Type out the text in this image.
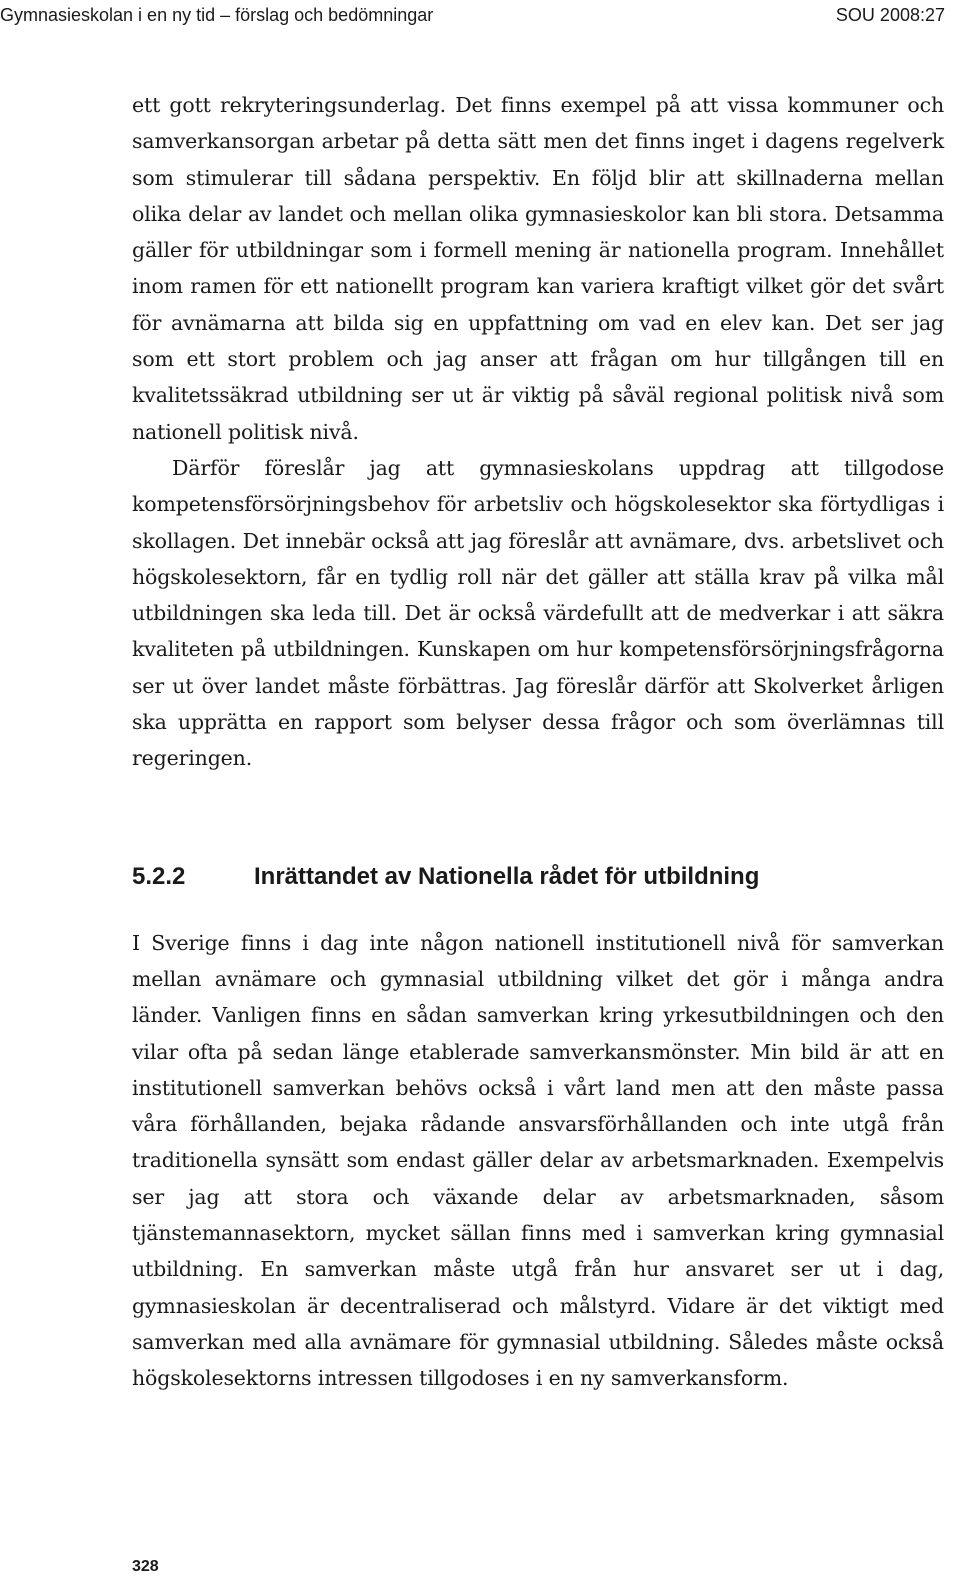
Gymnasieskolan i en ny tid – förslag och bedömningar	SOU 2008:27

ett gott rekryteringsunderlag. Det finns exempel på att vissa kommuner och samverkansorgan arbetar på detta sätt men det finns inget i dagens regelverk som stimulerar till sådana perspektiv. En följd blir att skillnaderna mellan olika delar av landet och mellan olika gymnasieskolor kan bli stora. Detsamma gäller för utbildningar som i formell mening är nationella program. Innehållet inom ramen för ett nationellt program kan variera kraftigt vilket gör det svårt för avnämarna att bilda sig en uppfattning om vad en elev kan. Det ser jag som ett stort problem och jag anser att frågan om hur tillgången till en kvalitetssäkrad utbildning ser ut är viktig på såväl regional politisk nivå som nationell politisk nivå.

Därför föreslår jag att gymnasieskolans uppdrag att tillgodose kompetensförsörjningsbehov för arbetsliv och högskolesektor ska förtydligas i skollagen. Det innebär också att jag föreslår att avnämare, dvs. arbetslivet och högskolesektorn, får en tydlig roll när det gäller att ställa krav på vilka mål utbildningen ska leda till. Det är också värdefullt att de medverkar i att säkra kvaliteten på utbildningen. Kunskapen om hur kompetensförsörjningsfrågorna ser ut över landet måste förbättras. Jag föreslår därför att Skolverket årligen ska upprätta en rapport som belyser dessa frågor och som överlämnas till regeringen.

5.2.2	Inrättandet av Nationella rådet för utbildning

I Sverige finns i dag inte någon nationell institutionell nivå för samverkan mellan avnämare och gymnasial utbildning vilket det gör i många andra länder. Vanligen finns en sådan samverkan kring yrkesutbildningen och den vilar ofta på sedan länge etablerade samverkansmönster. Min bild är att en institutionell samverkan behövs också i vårt land men att den måste passa våra förhållanden, bejaka rådande ansvarsförhållanden och inte utgå från traditionella synsätt som endast gäller delar av arbetsmarknaden. Exempelvis ser jag att stora och växande delar av arbetsmarknaden, såsom tjänstemannasektorn, mycket sällan finns med i samverkan kring gymnasial utbildning. En samverkan måste utgå från hur ansvaret ser ut i dag, gymnasieskolan är decentraliserad och målstyrd. Vidare är det viktigt med samverkan med alla avnämare för gymnasial utbildning. Således måste också högskolesektorns intressen tillgodoses i en ny samverkansform.

328
